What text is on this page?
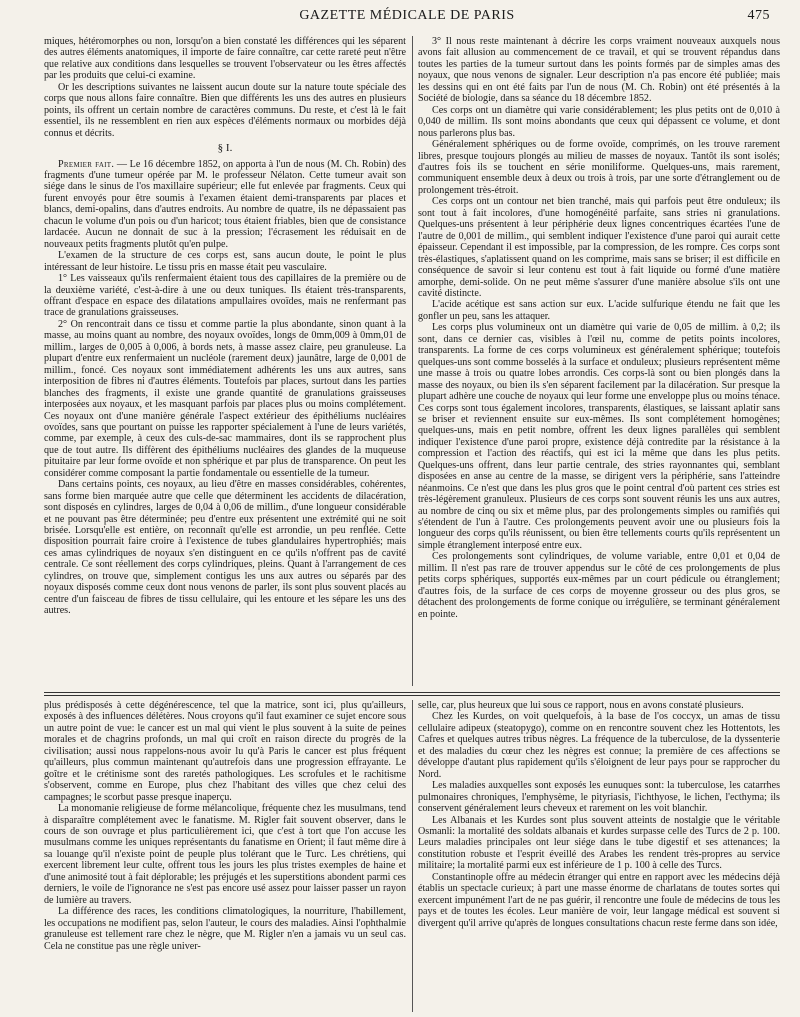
GAZETTE MÉDICALE DE PARIS	475

miques, hétéromorphes ou non, lorsqu'on a bien constaté les différences qui les séparent des autres éléments anatomiques, il importe de faire connaître, car cette rareté peut n'être que relative aux conditions dans lesquelles se trouvent l'observateur ou les êtres affectés par les produits que celui-ci examine.

Or les descriptions suivantes ne laissent aucun doute sur la nature toute spéciale des corps que nous allons faire connaître. Bien que différents les uns des autres en plusieurs points, ils offrent un certain nombre de caractères communs. Du reste, et c'est là le fait essentiel, ils ne ressemblent en rien aux espèces d'éléments normaux ou morbides déjà connus et décrits.

§ I.

Premier fait. — Le 16 décembre 1852, on apporta à l'un de nous (M. Ch. Robin) des fragments d'une tumeur opérée par M. le professeur Nélaton. Cette tumeur avait son siége dans le sinus de l'os maxillaire supérieur; elle fut enlevée par fragments. Ceux qui furent envoyés pour être soumis à l'examen étaient demi-transparents par places et blancs, demi-opalins, dans d'autres endroits. Au nombre de quatre, ils ne dépassaient pas chacun le volume d'un pois ou d'un haricot; tous étaient friables, bien que de consistance lardacée. Aucun ne donnait de suc à la pression; l'écrasement les réduisait en de nouveaux petits fragments plutôt qu'en pulpe.

L'examen de la structure de ces corps est, sans aucun doute, le point le plus intéressant de leur histoire. Le tissu pris en masse était peu vasculaire.

1° Les vaisseaux qu'ils renfermaient étaient tous des capillaires de la première ou de la deuxième variété, c'est-à-dire à une ou deux tuniques. Ils étaient très-transparents, offrant d'espace en espace des dilatations ampullaires ovoïdes, mais ne renfermant pas trace de granulations graisseuses.

2° On rencontrait dans ce tissu et comme partie la plus abondante, sinon quant à la masse, au moins quant au nombre, des noyaux ovoïdes, longs de 0mm,009 à 0mm,01 de millim., larges de 0,005 à 0,006, à bords nets, à masse assez claire, peu granuleuse. La plupart d'entre eux renfermaient un nucléole (rarement deux) jaunâtre, large de 0,001 de millim., foncé. Ces noyaux sont immédiatement adhérents les uns aux autres, sans interposition de fibres ni d'autres éléments. Toutefois par places, surtout dans les parties blanches des fragments, il existe une grande quantité de granulations graisseuses interposées aux noyaux, et les masquant parfois par places plus ou moins complétement. Ces noyaux ont d'une manière générale l'aspect extérieur des épithéliums nucléaires ovoïdes, sans que pourtant on puisse les rapporter spécialement à l'une de leurs variétés, comme, par exemple, à ceux des culs-de-sac mammaires, dont ils se rapprochent plus que de tout autre. Ils diffèrent des épithéliums nucléaires des glandes de la muqueuse pituitaire par leur forme ovoïde et non sphérique et par plus de transparence. On peut les considérer comme composant la partie fondamentale ou essentielle de la tumeur.

Dans certains points, ces noyaux, au lieu d'être en masses considérables, cohérentes, sans forme bien marquée autre que celle que déterminent les accidents de dilacération, sont disposés en cylindres, larges de 0,04 à 0,06 de millim., d'une longueur considérable et ne pouvant pas être déterminée; peu d'entre eux présentent une extrémité qui ne soit brisée. Lorsqu'elle est entière, on reconnaît qu'elle est arrondie, un peu renflée. Cette disposition pourrait faire croire à l'existence de tubes glandulaires hypertrophiés; mais ces amas cylindriques de noyaux s'en distinguent en ce qu'ils n'offrent pas de cavité centrale. Ce sont réellement des corps cylindriques, pleins. Quant à l'arrangement de ces cylindres, on trouve que, simplement contigus les uns aux autres ou séparés par des noyaux disposés comme ceux dont nous venons de parler, ils sont plus souvent placés au centre d'un faisceau de fibres de tissu cellulaire, qui les entoure et les sépare les uns des autres.

3° Il nous reste maintenant à décrire les corps vraiment nouveaux auxquels nous avons fait allusion au commencement de ce travail, et qui se trouvent répandus dans toutes les parties de la tumeur surtout dans les points formés par de simples amas des noyaux, que nous venons de signaler. Leur description n'a pas encore été publiée; mais les dessins qui en ont été faits par l'un de nous (M. Ch. Robin) ont été présentés à la Société de biologie, dans sa séance du 18 décembre 1852.

Ces corps ont un diamètre qui varie considérablement; les plus petits ont de 0,010 à 0,040 de millim. Ils sont moins abondants que ceux qui dépassent ce volume, et dont nous parlerons plus bas.

Généralement sphériques ou de forme ovoïde, comprimés, on les trouve rarement libres, presque toujours plongés au milieu de masses de noyaux. Tantôt ils sont isolés; d'autres fois ils se touchent en série moniliforme. Quelques-uns, mais rarement, communiquent ensemble deux à deux ou trois à trois, par une sorte d'étranglement ou de prolongement très-étroit.

Ces corps ont un contour net bien tranché, mais qui parfois peut être onduleux; ils sont tout à fait incolores, d'une homogénéité parfaite, sans stries ni granulations. Quelques-uns présentent à leur périphérie deux lignes concentriques écartées l'une de l'autre de 0,001 de millim., qui semblent indiquer l'existence d'une paroi qui aurait cette épaisseur. Cependant il est impossible, par la compression, de les rompre. Ces corps sont très-élastiques, s'aplatissent quand on les comprime, mais sans se briser; il est difficile en conséquence de savoir si leur contenu est tout à fait liquide ou formé d'une matière amorphe, demi-solide. On ne peut même s'assurer d'une manière absolue s'ils ont une cavité distincte.

L'acide acétique est sans action sur eux. L'acide sulfurique étendu ne fait que les gonfler un peu, sans les attaquer.

Les corps plus volumineux ont un diamètre qui varie de 0,05 de millim. à 0,2; ils sont, dans ce dernier cas, visibles à l'œil nu, comme de petits points incolores, transparents. La forme de ces corps volumineux est généralement sphérique; toutefois quelques-uns sont comme bosselés à la surface et onduleux; plusieurs représentent même une masse à trois ou quatre lobes arrondis. Ces corps-là sont ou bien plongés dans la masse des noyaux, ou bien ils s'en séparent facilement par la dilacération. Sur presque la plupart adhère une couche de noyaux qui leur forme une enveloppe plus ou moins ténace. Ces corps sont tous également incolores, transparents, élastiques, se laissant aplatir sans se briser et reviennent ensuite sur eux-mêmes. Ils sont complétement homogènes; quelques-uns, mais en petit nombre, offrent les deux lignes parallèles qui semblent indiquer l'existence d'une paroi propre, existence déjà contredite par la résistance à la compression et l'action des réactifs, qui est ici la même que dans les plus petits. Quelques-uns offrent, dans leur partie centrale, des stries rayonnantes qui, semblant disposées en anse au centre de la masse, se dirigent vers la périphérie, sans l'atteindre néanmoins. Ce n'est que dans les plus gros que le point central d'où partent ces stries est très-légèrement granuleux. Plusieurs de ces corps sont souvent réunis les uns aux autres, au nombre de cinq ou six et même plus, par des prolongements simples ou ramifiés qui s'étendent de l'un à l'autre. Ces prolongements peuvent avoir une ou plusieurs fois la longueur des corps qu'ils réunissent, ou bien être tellements courts qu'ils représentent un simple étranglement interposé entre eux.

Ces prolongements sont cylindriques, de volume variable, entre 0,01 et 0,04 de millim. Il n'est pas rare de trouver appendus sur le côté de ces prolongements de plus petits corps sphériques, supportés eux-mêmes par un court pédicule ou étranglement; d'autres fois, de la surface de ces corps de moyenne grosseur ou des plus gros, se détachent des prolongements de forme conique ou irrégulière, se terminant généralement en pointe.

plus prédisposés à cette dégénérescence, tel que la matrice, sont ici, plus qu'ailleurs, exposés à des influences délétères. Nous croyons qu'il faut examiner ce sujet encore sous un autre point de vue: le cancer est un mal qui vient le plus souvent à la suite de peines morales et de chagrins profonds, un mal qui croît en raison directe du progrès de la civilisation; aussi nous rappelons-nous avoir lu qu'à Paris le cancer est plus fréquent qu'ailleurs, plus commun maintenant qu'autrefois dans une progression effrayante. Le goître et le crétinisme sont des raretés pathologiques. Les scrofules et le rachitisme s'observent, comme en Europe, plus chez l'habitant des villes que chez celui des campagnes; le scorbut passe presque inaperçu.

La monomanie religieuse de forme mélancolique, fréquente chez les musulmans, tend à disparaître complétement avec le fanatisme. M. Rigler fait souvent observer, dans le cours de son ouvrage et plus particulièrement ici, que c'est à tort que l'on accuse les musulmans comme les uniques représentants du fanatisme en Orient; il faut même dire à sa louange qu'il n'existe point de peuple plus tolérant que le Turc. Les chrétiens, qui exercent librement leur culte, offrent tous les jours les plus tristes exemples de haine et d'une animosité tout à fait déplorable; les préjugés et les superstitions abondent parmi ces derniers, le voile de l'ignorance ne s'est pas encore usé assez pour laisser passer un rayon de lumière au travers.

La différence des races, les conditions climatologiques, la nourriture, l'habillement, les occupations ne modifient pas, selon l'auteur, le cours des maladies. Ainsi l'ophthalmie granuleuse est tellement rare chez le nègre, que M. Rigler n'en a jamais vu un seul cas. Cela ne constitue pas une règle univer-

selle, car, plus heureux que lui sous ce rapport, nous en avons constaté plusieurs.

Chez les Kurdes, on voit quelquefois, à la base de l'os coccyx, un amas de tissu cellulaire adipeux (steatopygo), comme on en rencontre souvent chez les Hottentots, les Cafres et quelques autres tribus nègres. La fréquence de la tuberculose, de la dyssenterie et des maladies du cœur chez les nègres est connue; la première de ces affections se développe d'autant plus rapidement qu'ils s'éloignent de leur pays pour se rapprocher du Nord.

Les maladies auxquelles sont exposés les eunuques sont: la tuberculose, les catarrhes pulmonaires chroniques, l'emphysème, le pityriasis, l'ichthyose, le lichen, l'ecthyma; ils conservent généralement leurs cheveux et rarement on les voit blanchir.

Les Albanais et les Kurdes sont plus souvent atteints de nostalgie que le véritable Osmanli: la mortalité des soldats albanais et kurdes surpasse celle des Turcs de 2 p. 100. Leurs maladies principales ont leur siége dans le tube digestif et ses attenances; la constitution robuste et l'esprit éveillé des Arabes les rendent très-propres au service militaire; la mortalité parmi eux est inférieure de 1 p. 100 à celle des Turcs.

Constantinople offre au médecin étranger qui entre en rapport avec les médecins déjà établis un spectacle curieux; à part une masse énorme de charlatans de toutes sortes qui exercent impunément l'art de ne pas guérir, il rencontre une foule de médecins de tous les pays et de toutes les écoles. Leur manière de voir, leur langage médical est souvent si divergent qu'il arrive qu'après de longues consultations chacun reste ferme dans son idée,
